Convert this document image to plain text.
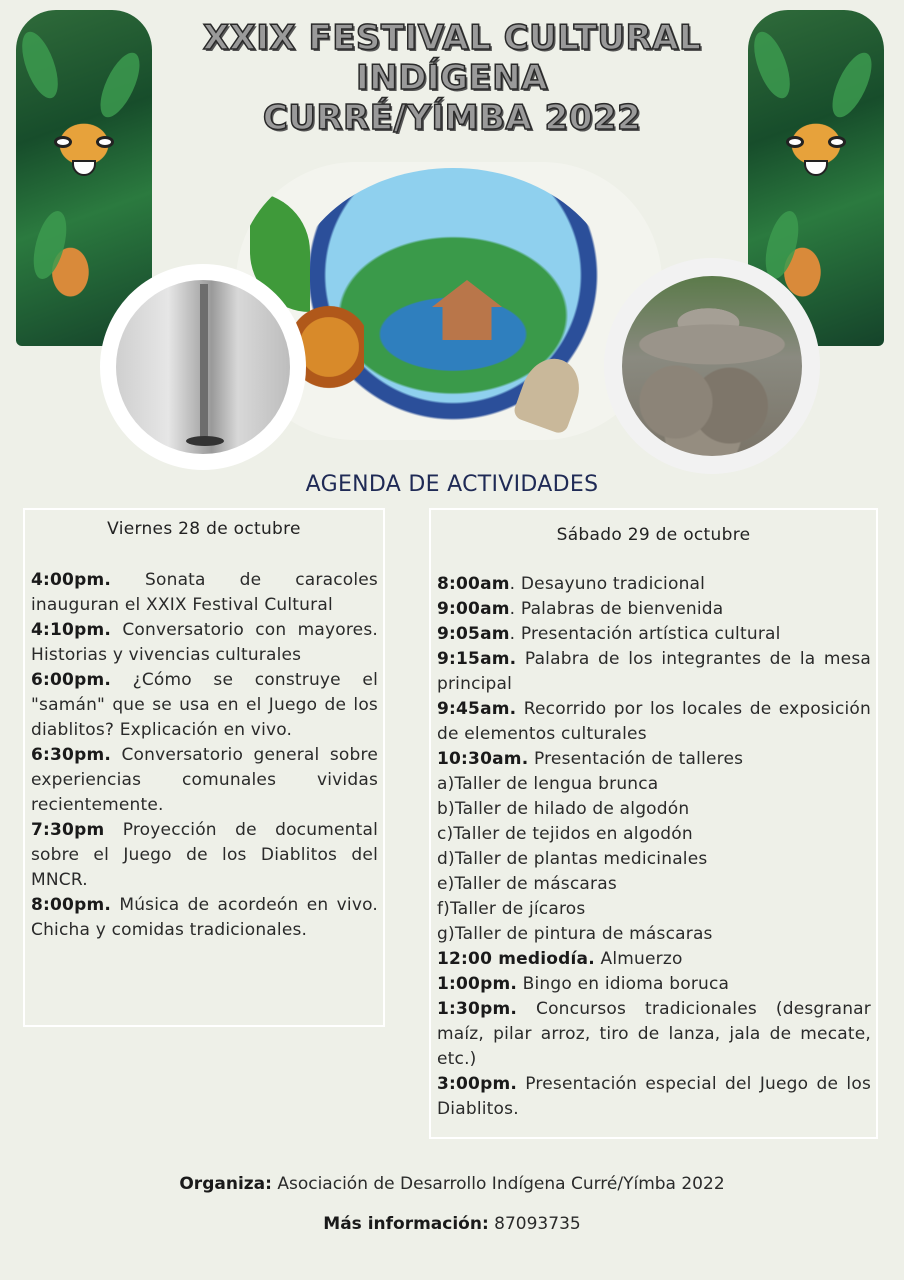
XXIX FESTIVAL CULTURAL
INDÍGENA
CURRÉ/YÍMBA 2022
AGENDA DE ACTIVIDADES
Viernes 28 de octubre
4:00pm. Sonata de caracoles inauguran el XXIX Festival Cultural
4:10pm. Conversatorio con mayores. Historias y vivencias culturales
6:00pm. ¿Cómo se construye el "samán" que se usa en el Juego de los diablitos? Explicación en vivo.
6:30pm. Conversatorio general sobre experiencias comunales vividas recientemente.
7:30pm Proyección de documental sobre el Juego de los Diablitos del MNCR.
8:00pm. Música de acordeón en vivo. Chicha y comidas tradicionales.
Sábado 29 de octubre
8:00am. Desayuno tradicional
9:00am. Palabras de bienvenida
9:05am. Presentación artística cultural
9:15am. Palabra de los integrantes de la mesa principal
9:45am. Recorrido por los locales de exposición de elementos culturales
10:30am. Presentación de talleres
a)Taller de lengua brunca
b)Taller de hilado de algodón
c)Taller de tejidos en algodón
d)Taller de plantas medicinales
e)Taller de máscaras
f)Taller de jícaros
g)Taller de pintura de máscaras
12:00 mediodía. Almuerzo
1:00pm. Bingo en idioma boruca
1:30pm. Concursos tradicionales (desgranar maíz, pilar arroz, tiro de lanza, jala de mecate, etc.)
3:00pm. Presentación especial del Juego de los Diablitos.
Organiza: Asociación de Desarrollo Indígena Curré/Yímba 2022
Más información: 87093735
